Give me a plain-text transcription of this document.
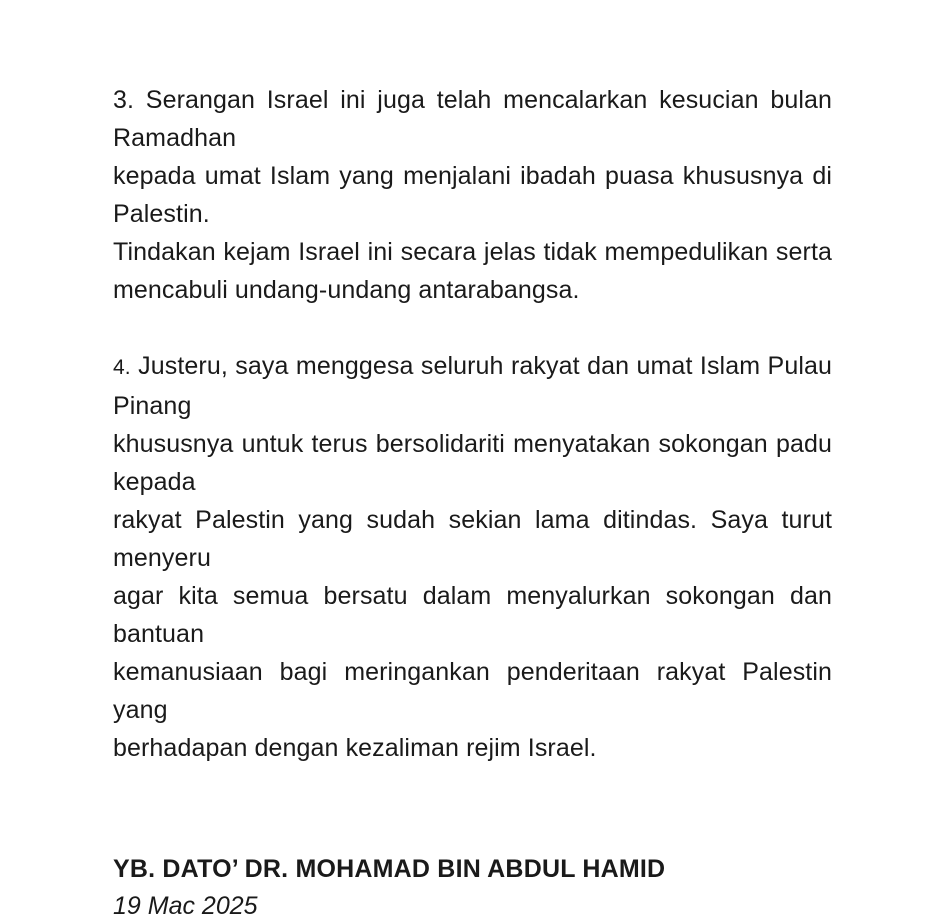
3. Serangan Israel ini juga telah mencalarkan kesucian bulan Ramadhan
kepada umat Islam yang menjalani ibadah puasa khususnya di Palestin.
Tindakan kejam Israel ini secara jelas tidak mempedulikan serta
mencabuli undang-undang antarabangsa.
4. Justeru, saya menggesa seluruh rakyat dan umat Islam Pulau Pinang
khususnya untuk terus bersolidariti menyatakan sokongan padu kepada
rakyat Palestin yang sudah sekian lama ditindas. Saya turut menyeru
agar kita semua bersatu dalam menyalurkan sokongan dan bantuan
kemanusiaan bagi meringankan penderitaan rakyat Palestin yang
berhadapan dengan kezaliman rejim Israel.
YB. DATO’ DR. MOHAMAD BIN ABDUL HAMID
19 Mac 2025
